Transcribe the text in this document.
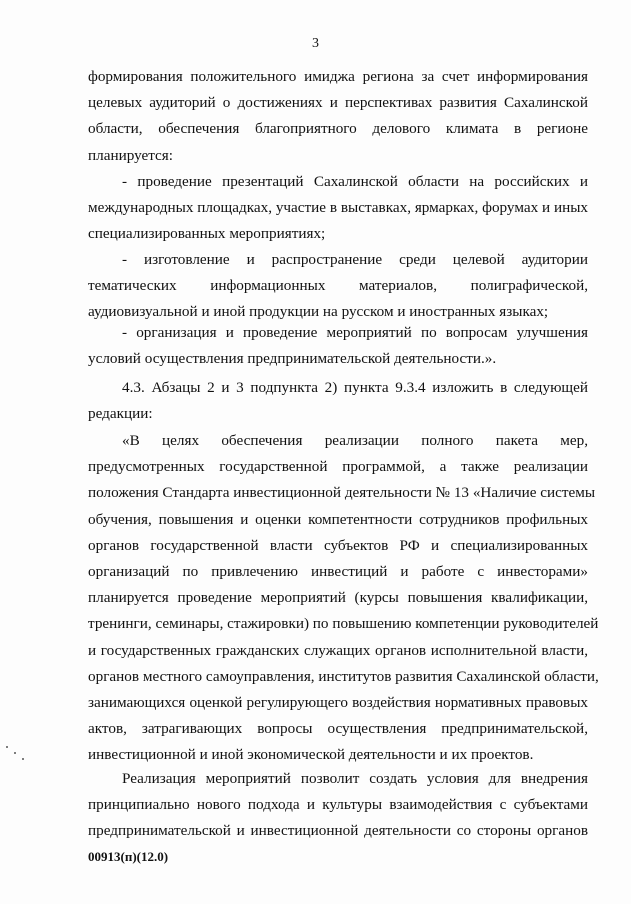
3
формирования положительного имиджа региона за счет информирования
целевых аудиторий о достижениях и перспективах развития Сахалинской
области, обеспечения благоприятного делового климата в регионе
планируется:
- проведение презентаций Сахалинской области на российских и
международных площадках, участие в выставках, ярмарках, форумах и иных
специализированных мероприятиях;
- изготовление и распространение среди целевой аудитории
тематических информационных материалов, полиграфической,
аудиовизуальной и иной продукции на русском и иностранных языках;
- организация и проведение мероприятий по вопросам улучшения
условий осуществления предпринимательской деятельности.».
4.3. Абзацы 2 и 3 подпункта 2) пункта 9.3.4 изложить в следующей
редакции:
«В целях обеспечения реализации полного пакета мер,
предусмотренных государственной программой, а также реализации
положения Стандарта инвестиционной деятельности № 13 «Наличие системы
обучения, повышения и оценки компетентности сотрудников профильных
органов государственной власти субъектов РФ и специализированных
организаций по привлечению инвестиций и работе с инвесторами»
планируется проведение мероприятий (курсы повышения квалификации,
тренинги, семинары, стажировки) по повышению компетенции руководителей
и государственных гражданских служащих органов исполнительной власти,
органов местного самоуправления, институтов развития Сахалинской области,
занимающихся оценкой регулирующего воздействия нормативных правовых
актов, затрагивающих вопросы осуществления предпринимательской,
инвестиционной и иной экономической деятельности и их проектов.
Реализация мероприятий позволит создать условия для внедрения
принципиально нового подхода и культуры взаимодействия с субъектами
предпринимательской и инвестиционной деятельности со стороны органов
00913(п)(12.0)
